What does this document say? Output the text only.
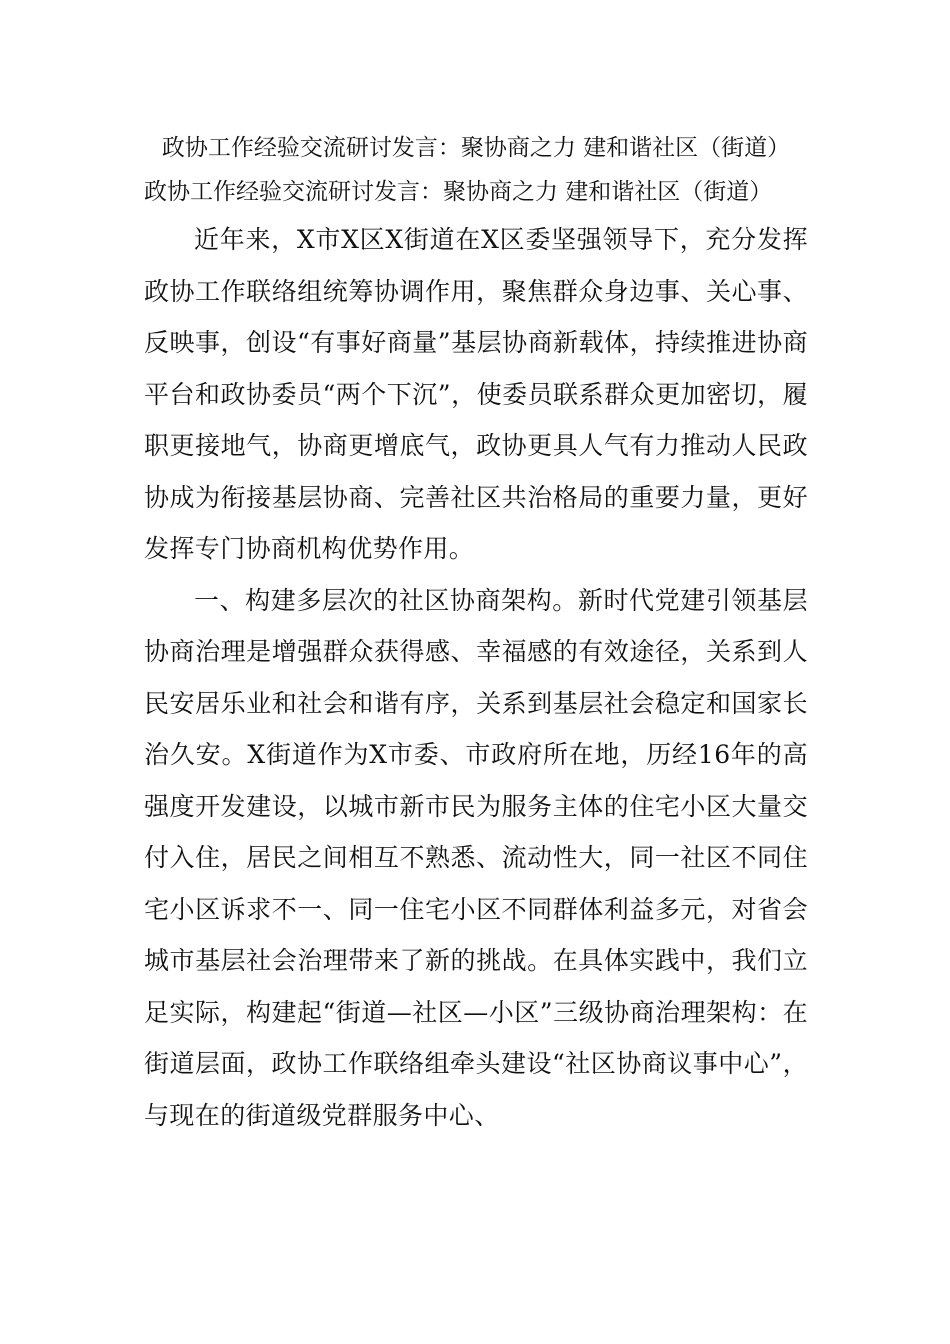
政协工作经验交流研讨发言：聚协商之力 建和谐社区（街道）
政协工作经验交流研讨发言：聚协商之力 建和谐社区（街道）

近年来，X市X区X街道在X区委坚强领导下，充分发挥政协工作联络组统筹协调作用，聚焦群众身边事、关心事、反映事，创设“有事好商量”基层协商新载体，持续推进协商平台和政协委员“两个下沉”，使委员联系群众更加密切，履职更接地气，协商更增底气，政协更具人气有力推动人民政协成为衔接基层协商、完善社区共治格局的重要力量，更好发挥专门协商机构优势作用。

一、构建多层次的社区协商架构。新时代党建引领基层协商治理是增强群众获得感、幸福感的有效途径，关系到人民安居乐业和社会和谐有序，关系到基层社会稳定和国家长治久安。X街道作为X市委、市政府所在地，历经16年的高强度开发建设，以城市新市民为服务主体的住宅小区大量交付入住，居民之间相互不熟悉、流动性大，同一社区不同住宅小区诉求不一、同一住宅小区不同群体利益多元，对省会城市基层社会治理带来了新的挑战。在具体实践中，我们立足实际，构建起“街道—社区—小区”三级协商治理架构：在街道层面，政协工作联络组牵头建设“社区协商议事中心”，与现在的街道级党群服务中心、
